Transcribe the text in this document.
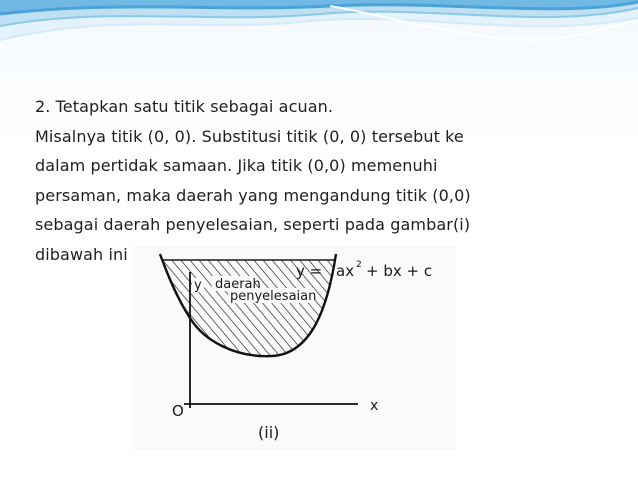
2. Tetapkan satu titik sebagai acuan.
Misalnya titik (0, 0). Substitusi titik (0, 0) tersebut ke
dalam pertidak samaan. Jika titik (0,0) memenuhi
persaman, maka daerah yang mengandung titik (0,0)
sebagai daerah penyelesaian, seperti pada gambar(i)
dibawah ini
y daerah
penyelesaian
y = ax 2 + bx + c
O	x
(ii)
